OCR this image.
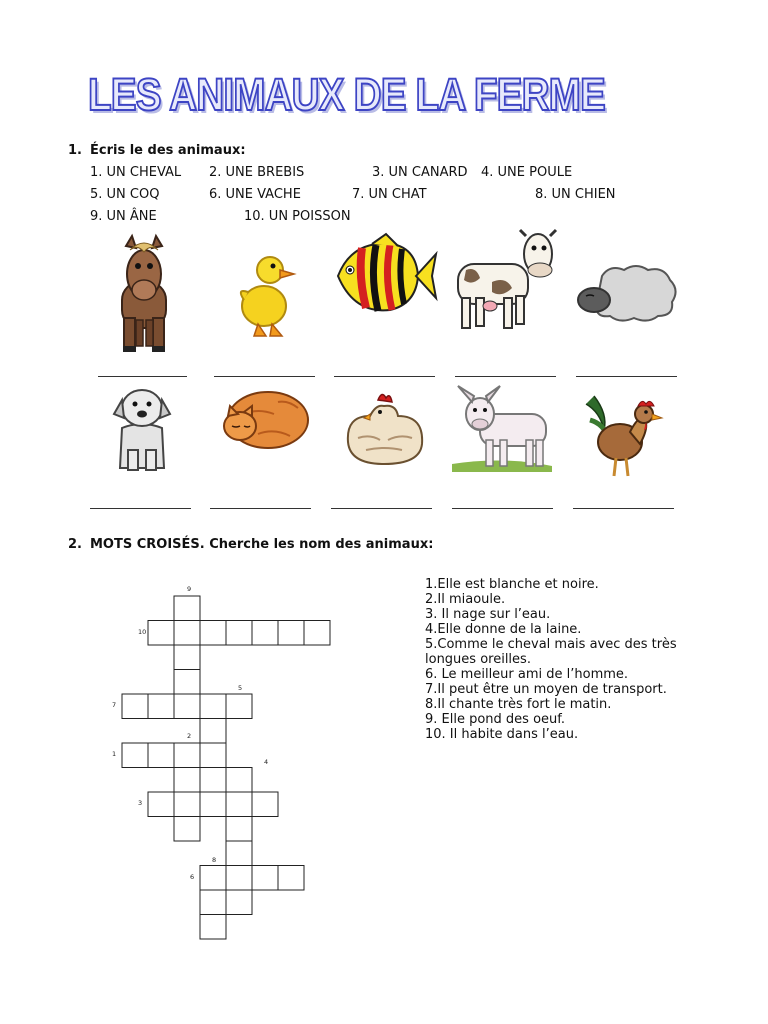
LES ANIMAUX DE LA FERME
1. Écris le des animaux:
1. UN CHEVAL 2. UNE BREBIS	3. UN CANARD 4. UNE POULE
5. UN COQ	6. UNE VACHE	7. UN CHAT	8. UN CHIEN
9. UN ÂNE	10. UN POISSON
2. MOTS CROISÉS. Cherche les nom des animaux:
9
10
5
7
2
1
4
3
8
6
1.Elle est blanche et noire.
2.Il miaoule.
3. Il nage sur l’eau.
4.Elle donne de la laine.
5.Comme le cheval mais avec des très longues oreilles.
6. Le meilleur ami de l’homme.
7.Il peut être un moyen de transport.
8.Il chante très fort le matin.
9. Elle pond des oeuf.
10. Il habite dans l’eau.
